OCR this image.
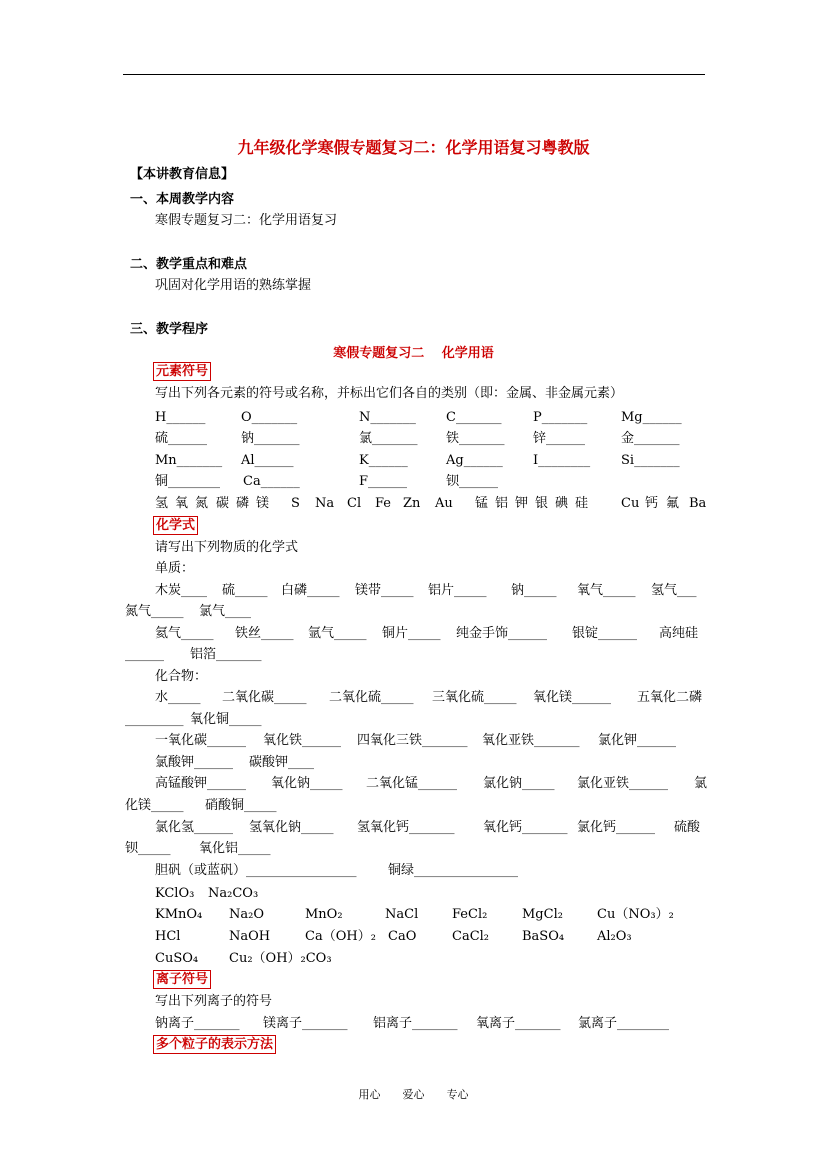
九年级化学寒假专题复习二：化学用语复习粤教版
【本讲教育信息】
一、本周教学内容
寒假专题复习二：化学用语复习
二、教学重点和难点
巩固对化学用语的熟练掌握
三、教学程序
寒假专题复习二　 化学用语
元素符号
写出下列各元素的符号或名称，并标出它们各自的类别（即：金属、非金属元素）
H______	O_______	N_______ C_______ P_______	Mg______
硫______	钠_______	氯_______ 铁_______ 锌______	金_______
Mn_______ Al______	K______	Ag______ I________ Si_______
铜________ Ca______	F______	钡______
氢 氧 氮 碳 磷 镁 S Na Cl Fe Zn Au 锰 铝 钾 银 碘 硅	Cu 钙 氟 Ba
化学式
请写出下列物质的化学式
单质：
木炭____ 硫_____ 白磷_____ 镁带_____ 铝片_____ 钠_____ 氧气_____ 氢气___
氮气_____ 氯气____
氦气_____ 铁丝_____ 氩气_____ 铜片_____ 纯金手饰______ 银锭______ 高纯硅
______ 铝箔_______
化合物：
水_____ 二氧化碳_____ 二氧化硫_____ 三氧化硫_____ 氧化镁______ 五氧化二磷
_________ 氧化铜_____
一氧化碳______ 氧化铁______ 四氧化三铁_______ 氧化亚铁_______ 氯化钾______
氯酸钾______ 碳酸钾____
高锰酸钾______ 氧化钠_____ 二氧化锰______ 氯化钠_____ 氯化亚铁______ 氯
化镁_____ 硝酸铜_____
氯化氢______ 氢氧化钠_____ 氢氧化钙_______ 氧化钙_______ 氯化钙______ 硫酸
钡_____ 氧化铝_____
胆矾（或蓝矾）_________________ 铜绿________________
KClO₃ Na₂CO₃
KMnO₄ Na₂O	MnO₂	NaCl	FeCl₂	MgCl₂	Cu（NO₃）₂
HCl	NaOH	Ca（OH）₂ CaO	CaCl₂	BaSO₄	Al₂O₃
CuSO₄ Cu₂（OH）₂CO₃
离子符号
写出下列离子的符号
钠离子_______ 镁离子_______ 铝离子_______ 氧离子_______ 氯离子________
多个粒子的表示方法
用心　　爱心　　专心
